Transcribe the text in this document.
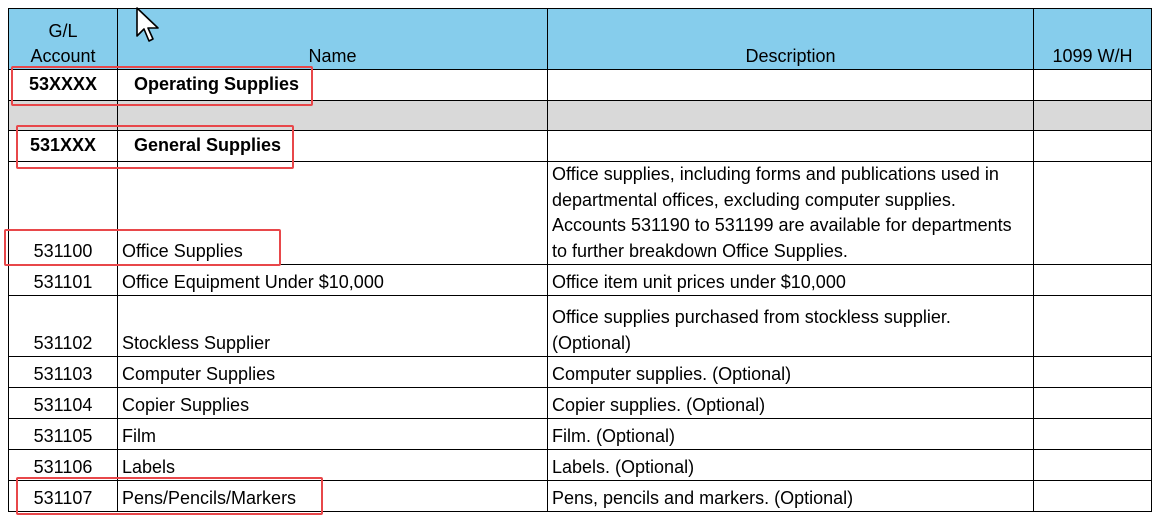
G/L
Account	Name	Description	1099 W/H
53XXXX	Operating Supplies		

531XXX	General Supplies		
531100	Office Supplies	Office supplies, including forms and publications used in departmental offices, excluding computer supplies. Accounts 531190 to 531199 are available for departments to further breakdown Office Supplies.	
531101	Office Equipment Under $10,000	Office item unit prices under $10,000	
531102	Stockless Supplier	Office supplies purchased from stockless supplier. (Optional)	
531103	Computer Supplies	Computer supplies. (Optional)	
531104	Copier Supplies	Copier supplies. (Optional)	
531105	Film	Film. (Optional)	
531106	Labels	Labels. (Optional)	
531107	Pens/Pencils/Markers	Pens, pencils and markers. (Optional)	
